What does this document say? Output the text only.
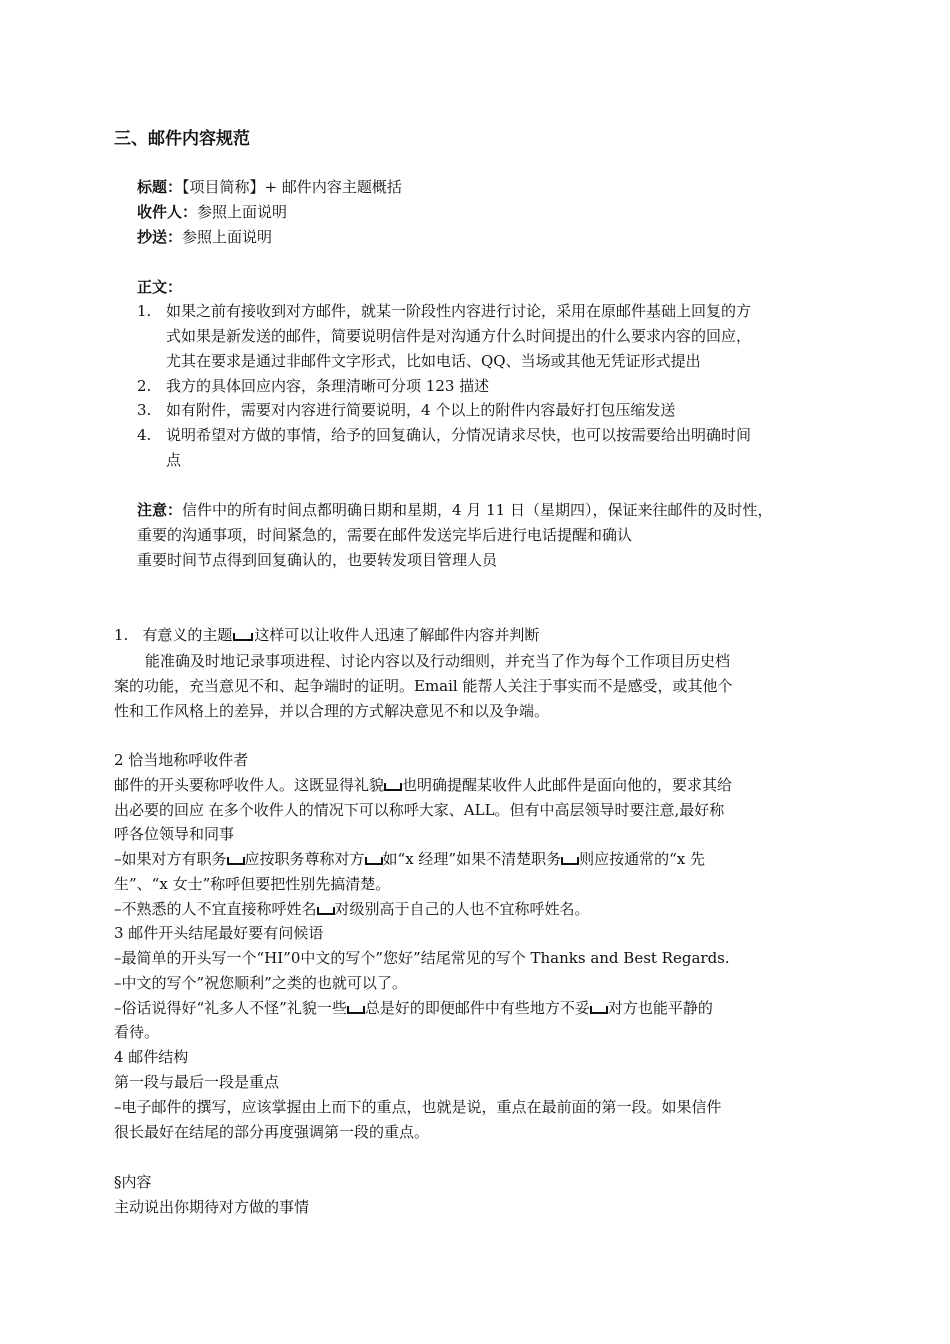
三、邮件内容规范
标题：【项目简称】+ 邮件内容主题概括
收件人：参照上面说明
抄送：参照上面说明
正文：
1. 如果之前有接收到对方邮件，就某一阶段性内容进行讨论，采用在原邮件基础上回复的方
式如果是新发送的邮件，简要说明信件是对沟通方什么时间提出的什么要求内容的回应，
尤其在要求是通过非邮件文字形式，比如电话、QQ、当场或其他无凭证形式提出
2. 我方的具体回应内容，条理清晰可分项 123 描述
3. 如有附件，需要对内容进行简要说明，4 个以上的附件内容最好打包压缩发送
4. 说明希望对方做的事情，给予的回复确认，分情况请求尽快，也可以按需要给出明确时间
点
注意：信件中的所有时间点都明确日期和星期，4 月 11 日（星期四），保证来往邮件的及时性，
重要的沟通事项，时间紧急的，需要在邮件发送完毕后进行电话提醒和确认
重要时间节点得到回复确认的，也要转发项目管理人员
1. 有意义的主题 这样可以让收件人迅速了解邮件内容并判断
能准确及时地记录事项进程、讨论内容以及行动细则，并充当了作为每个工作项目历史档
案的功能，充当意见不和、起争端时的证明。Email 能帮人关注于事实而不是感受，或其他个
性和工作风格上的差异，并以合理的方式解决意见不和以及争端。
2 恰当地称呼收件者
邮件的开头要称呼收件人。这既显得礼貌 也明确提醒某收件人此邮件是面向他的，要求其给
出必要的回应 在多个收件人的情况下可以称呼大家、ALL。但有中高层领导时要注意,最好称
呼各位领导和同事
–如果对方有职务 应按职务尊称对方 如“x 经理”如果不清楚职务 则应按通常的“x 先
生”、“x 女士”称呼但要把性别先搞清楚。
–不熟悉的人不宜直接称呼姓名 对级别高于自己的人也不宜称呼姓名。
3 邮件开头结尾最好要有问候语
–最简单的开头写一个“HI”0中文的写个”您好”结尾常见的写个 Thanks and Best Regards.
–中文的写个”祝您顺利”之类的也就可以了。
–俗话说得好“礼多人不怪”礼貌一些 总是好的即便邮件中有些地方不妥 对方也能平静的
看待。
4 邮件结构
第一段与最后一段是重点
–电子邮件的撰写，应该掌握由上而下的重点，也就是说，重点在最前面的第一段。如果信件
很长最好在结尾的部分再度强调第一段的重点。
§内容
主动说出你期待对方做的事情
